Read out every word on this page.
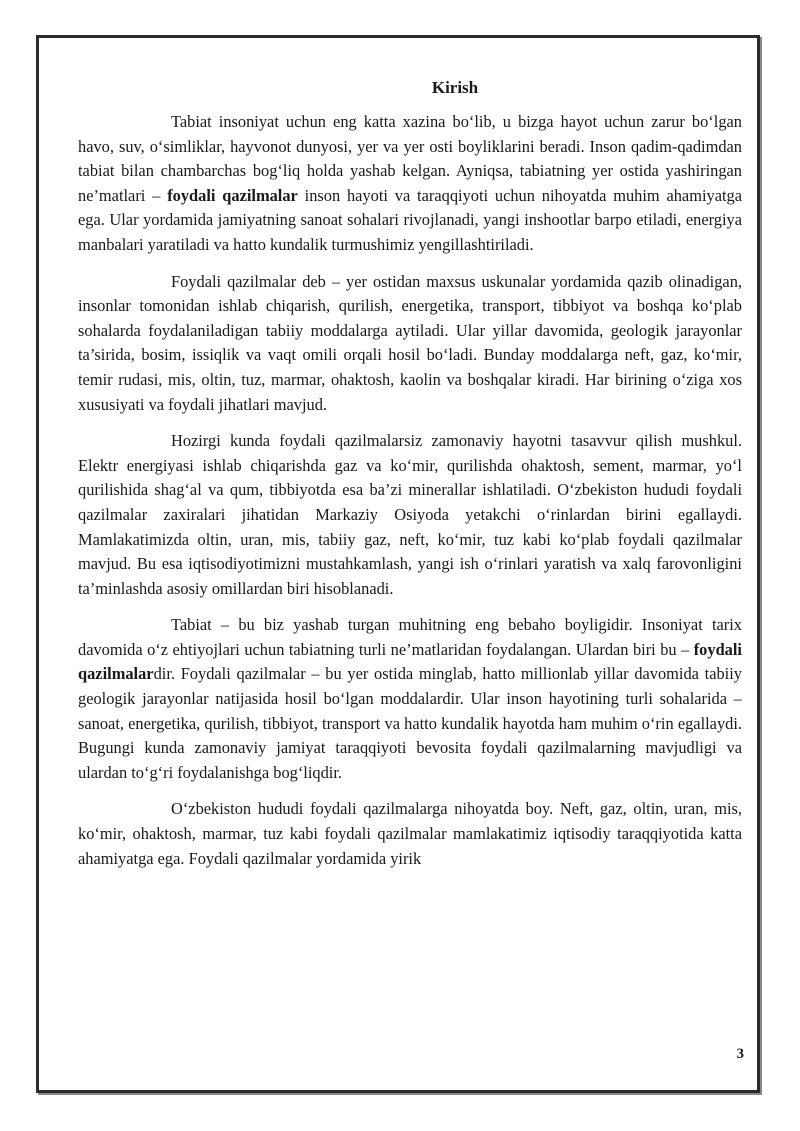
Kirish

Tabiat insoniyat uchun eng katta xazina bo‘lib, u bizga hayot uchun zarur bo‘lgan havo, suv, o‘simliklar, hayvonot dunyosi, yer va yer osti boyliklarini beradi. Inson qadim-qadimdan tabiat bilan chambarchas bog‘liq holda yashab kelgan. Ayniqsa, tabiatning yer ostida yashiringan ne’matlari – foydali qazilmalar inson hayoti va taraqqiyoti uchun nihoyatda muhim ahamiyatga ega. Ular yordamida jamiyatning sanoat sohalari rivojlanadi, yangi inshootlar barpo etiladi, energiya manbalari yaratiladi va hatto kundalik turmushimiz yengillashtiriladi.

Foydali qazilmalar deb – yer ostidan maxsus uskunalar yordamida qazib olinadigan, insonlar tomonidan ishlab chiqarish, qurilish, energetika, transport, tibbiyot va boshqa ko‘plab sohalarda foydalaniladigan tabiiy moddalarga aytiladi. Ular yillar davomida, geologik jarayonlar ta’sirida, bosim, issiqlik va vaqt omili orqali hosil bo‘ladi. Bunday moddalarga neft, gaz, ko‘mir, temir rudasi, mis, oltin, tuz, marmar, ohaktosh, kaolin va boshqalar kiradi. Har birining o‘ziga xos xususiyati va foydali jihatlari mavjud.

Hozirgi kunda foydali qazilmalarsiz zamonaviy hayotni tasavvur qilish mushkul. Elektr energiyasi ishlab chiqarishda gaz va ko‘mir, qurilishda ohaktosh, sement, marmar, yo‘l qurilishida shag‘al va qum, tibbiyotda esa ba’zi minerallar ishlatiladi. O‘zbekiston hududi foydali qazilmalar zaxiralari jihatidan Markaziy Osiyoda yetakchi o‘rinlardan birini egallaydi. Mamlakatimizda oltin, uran, mis, tabiiy gaz, neft, ko‘mir, tuz kabi ko‘plab foydali qazilmalar mavjud. Bu esa iqtisodiyotimizni mustahkamlash, yangi ish o‘rinlari yaratish va xalq farovonligini ta’minlashda asosiy omillardan biri hisoblanadi.

Tabiat – bu biz yashab turgan muhitning eng bebaho boyligidir. Insoniyat tarix davomida o‘z ehtiyojlari uchun tabiatning turli ne’matlaridan foydalangan. Ulardan biri bu – foydali qazilmalardir. Foydali qazilmalar – bu yer ostida minglab, hatto millionlab yillar davomida tabiiy geologik jarayonlar natijasida hosil bo‘lgan moddalardir. Ular inson hayotining turli sohalarida – sanoat, energetika, qurilish, tibbiyot, transport va hatto kundalik hayotda ham muhim o‘rin egallaydi. Bugungi kunda zamonaviy jamiyat taraqqiyoti bevosita foydali qazilmalarning mavjudligi va ulardan to‘g‘ri foydalanishga bog‘liqdir.

O‘zbekiston hududi foydali qazilmalarga nihoyatda boy. Neft, gaz, oltin, uran, mis, ko‘mir, ohaktosh, marmar, tuz kabi foydali qazilmalar mamlakatimiz iqtisodiy taraqqiyotida katta ahamiyatga ega. Foydali qazilmalar yordamida yirik

3
